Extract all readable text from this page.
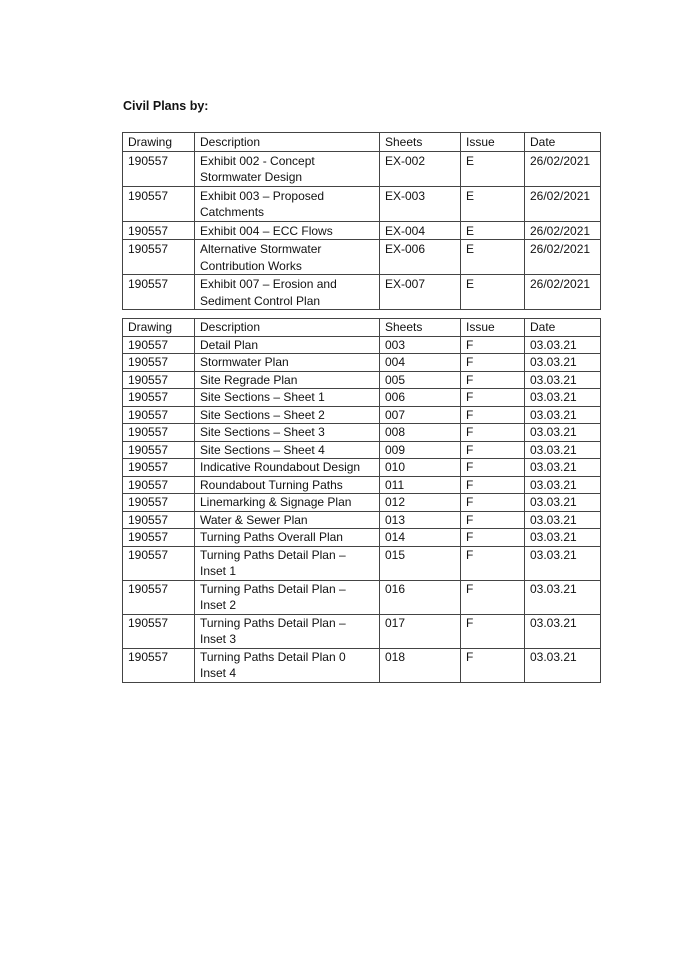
Civil Plans by:
Drawing	Description	Sheets	Issue	Date
190557	Exhibit 002 - Concept Stormwater Design	EX-002	E	26/02/2021
190557	Exhibit 003 – Proposed Catchments	EX-003	E	26/02/2021
190557	Exhibit 004 – ECC Flows	EX-004	E	26/02/2021
190557	Alternative Stormwater Contribution Works	EX-006	E	26/02/2021
190557	Exhibit 007 – Erosion and Sediment Control Plan	EX-007	E	26/02/2021
Drawing	Description	Sheets	Issue	Date
190557	Detail Plan	003	F	03.03.21
190557	Stormwater Plan	004	F	03.03.21
190557	Site Regrade Plan	005	F	03.03.21
190557	Site Sections – Sheet 1	006	F	03.03.21
190557	Site Sections – Sheet 2	007	F	03.03.21
190557	Site Sections – Sheet 3	008	F	03.03.21
190557	Site Sections – Sheet 4	009	F	03.03.21
190557	Indicative Roundabout Design	010	F	03.03.21
190557	Roundabout Turning Paths	011	F	03.03.21
190557	Linemarking & Signage Plan	012	F	03.03.21
190557	Water & Sewer Plan	013	F	03.03.21
190557	Turning Paths Overall Plan	014	F	03.03.21
190557	Turning Paths Detail Plan – Inset 1	015	F	03.03.21
190557	Turning Paths Detail Plan – Inset 2	016	F	03.03.21
190557	Turning Paths Detail Plan – Inset 3	017	F	03.03.21
190557	Turning Paths Detail Plan 0 Inset 4	018	F	03.03.21
